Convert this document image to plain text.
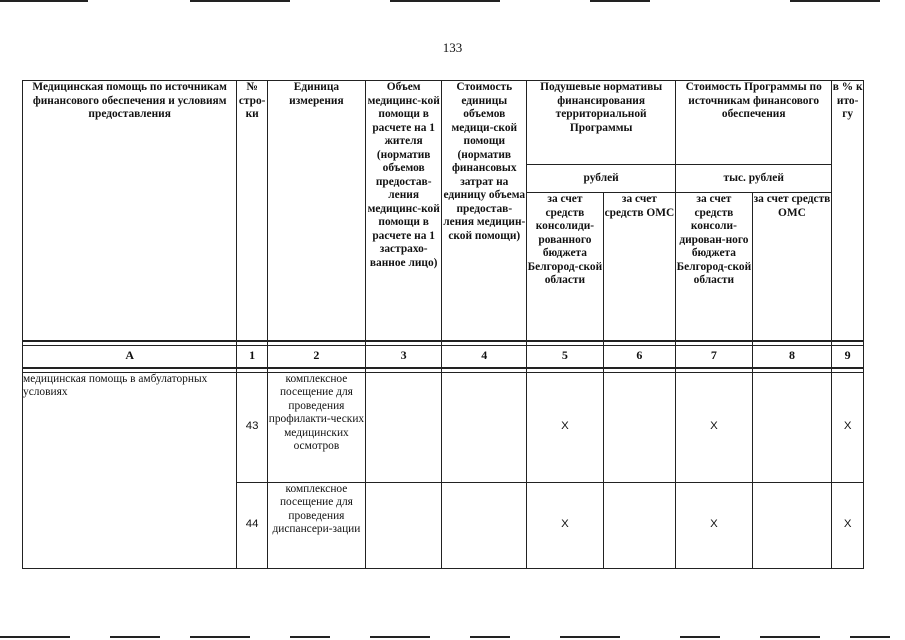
133
Медицинская помощь по источникам финансового обеспечения и условиям предоставления	№ стро-ки	Единица измерения	Объем медицинс-кой помощи в расчете на 1 жителя (норматив объемов предостав-ления медицинс-кой помощи в расчете на 1 застрахо-ванное лицо)	Стоимость единицы объемов медици-ской помощи (норматив финансовых затрат на единицу объема предостав-ления медицин-ской помощи)	Подушевые нормативы финансирования территориальной Программы		Стоимость Программы по источникам финансового обеспечения		в % к ито-гу
					рублей		тыс. рублей		
					за счет средств консолиди-рованного бюджета Белгород-ской области	за счет средств ОМС	за счет средств консоли-дирован-ного бюджета Белгород-ской области	за счет средств ОМС	

А	1	2	3	4	5	6	7	8	9

медицинская помощь в амбулаторных условиях	43	комплексное посещение для проведения профилакти-ческих медицинских осмотров			Х		Х		Х
	44	комплексное посещение для проведения диспансери-зации			Х		Х		Х
